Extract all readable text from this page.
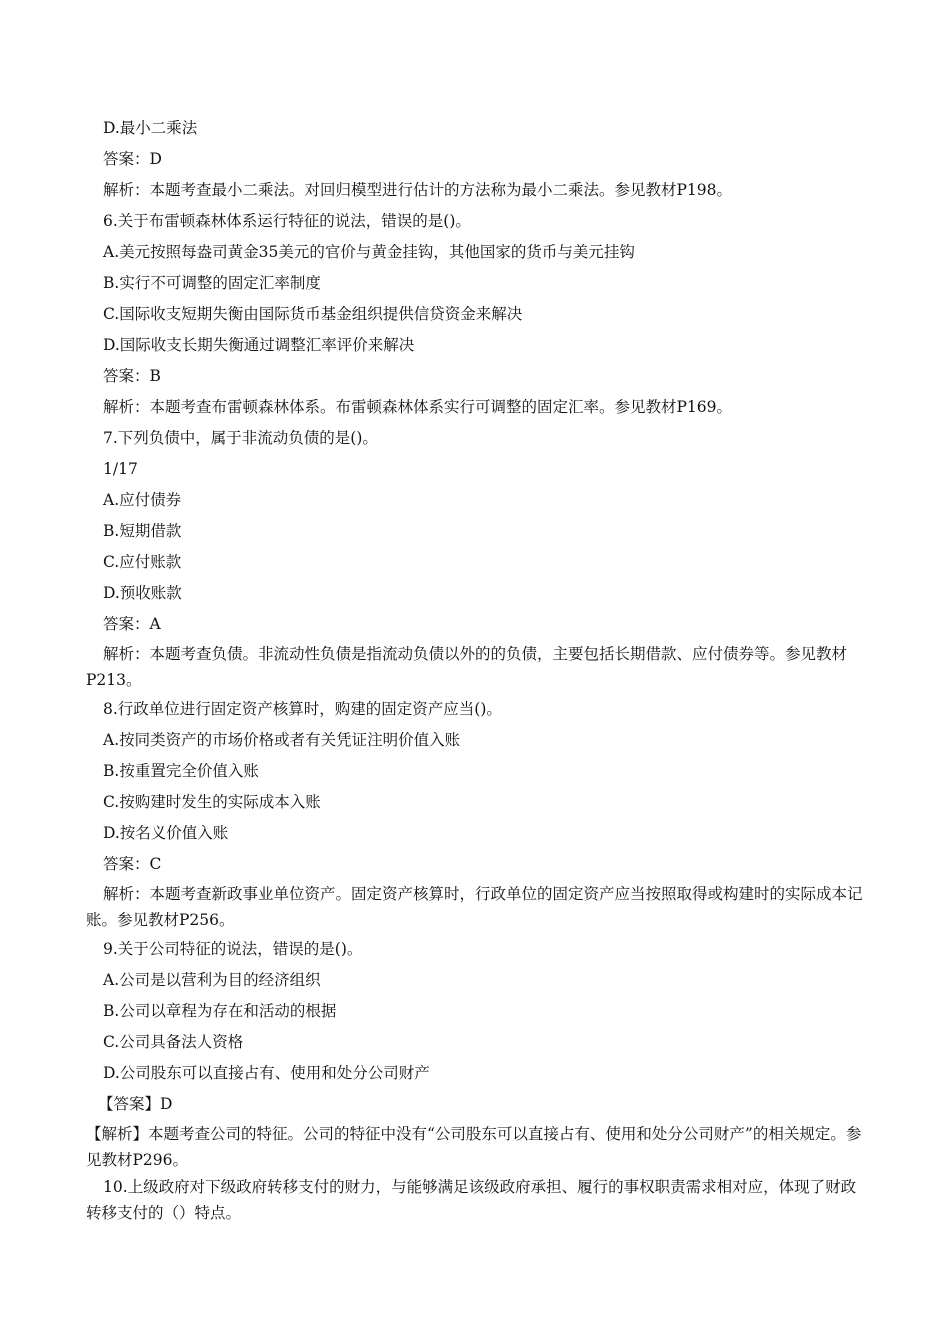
D.最小二乘法
答案：D
解析：本题考查最小二乘法。对回归模型进行估计的方法称为最小二乘法。参见教材P198。
6.关于布雷顿森林体系运行特征的说法，错误的是()。
A.美元按照每盎司黄金35美元的官价与黄金挂钩，其他国家的货币与美元挂钩
B.实行不可调整的固定汇率制度
C.国际收支短期失衡由国际货币基金组织提供信贷资金来解决
D.国际收支长期失衡通过调整汇率评价来解决
答案：B
解析：本题考查布雷顿森林体系。布雷顿森林体系实行可调整的固定汇率。参见教材P169。
7.下列负债中，属于非流动负债的是()。
1/17
A.应付债券
B.短期借款
C.应付账款
D.预收账款
答案：A
解析：本题考查负债。非流动性负债是指流动负债以外的的负债，主要包括长期借款、应付债券等。参见教材P213。
8.行政单位进行固定资产核算时，购建的固定资产应当()。
A.按同类资产的市场价格或者有关凭证注明价值入账
B.按重置完全价值入账
C.按购建时发生的实际成本入账
D.按名义价值入账
答案：C
解析：本题考查新政事业单位资产。固定资产核算时，行政单位的固定资产应当按照取得或构建时的实际成本记账。参见教材P256。
9.关于公司特征的说法，错误的是()。
A.公司是以营利为目的经济组织
B.公司以章程为存在和活动的根据
C.公司具备法人资格
D.公司股东可以直接占有、使用和处分公司财产
【答案】D
【解析】本题考查公司的特征。公司的特征中没有“公司股东可以直接占有、使用和处分公司财产”的相关规定。参见教材P296。
10.上级政府对下级政府转移支付的财力，与能够满足该级政府承担、履行的事权职责需求相对应，体现了财政转移支付的（）特点。
